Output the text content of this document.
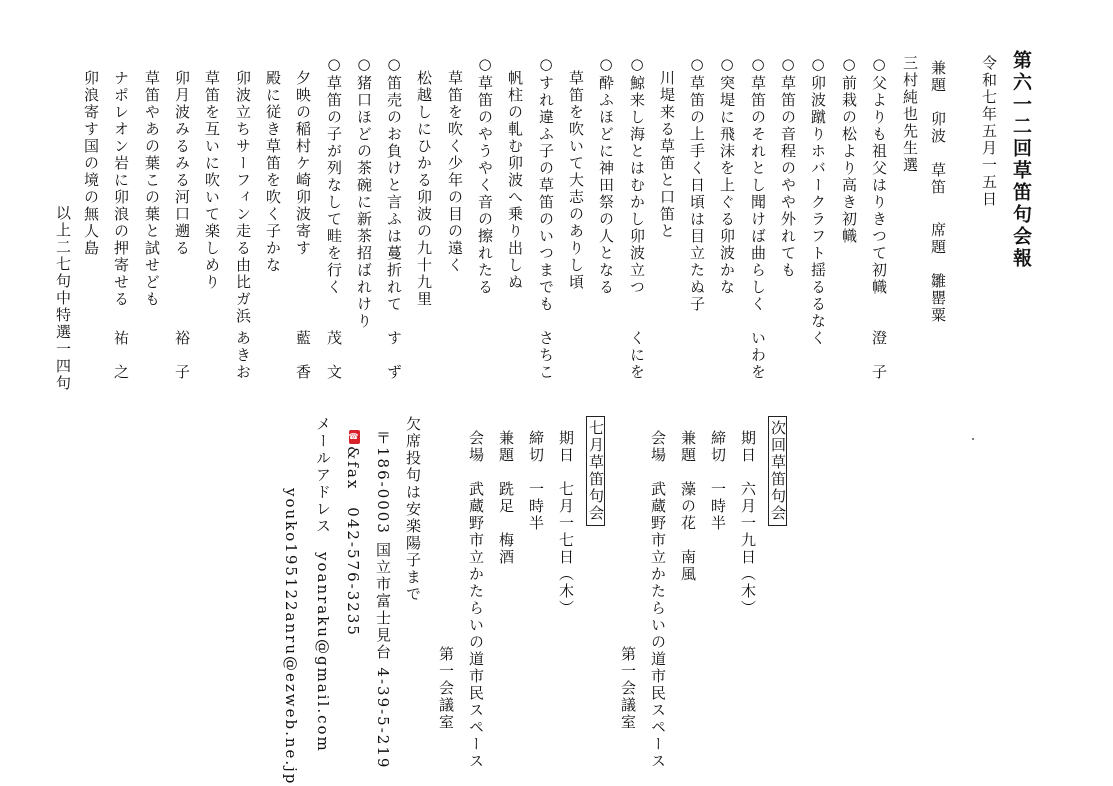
第六一二回草笛句会報
令和七年五月一五日
兼題　卯波　草笛
席題　雛罌粟
三村純也先生選
○父よりも祖父はりきつて初幟
澄　子
○前栽の松より高き初幟
○卯波蹴りホバークラフト揺るるなく
○草笛の音程のやや外れても
○草笛のそれとし聞けば曲らしく
いわを
○突堤に飛沫を上ぐる卯波かな
○草笛の上手く日頃は目立たぬ子
川堤来る草笛と口笛と
○鯨来し海とはむかし卯波立つ
くにを
○酔ふほどに神田祭の人となる
草笛を吹いて大志のありし頃
○すれ違ふ子の草笛のいつまでも
さちこ
帆柱の軋む卯波へ乗り出しぬ
○草笛のやうやく音の擦れたる
草笛を吹く少年の目の遠く
松越しにひかる卯波の九十九里
○笛売のお負けと言ふは蔓折れて
す　ず
○猪口ほどの茶碗に新茶招ばれけり
○草笛の子が列なして畦を行く
茂　文
夕映の稲村ケ崎卯波寄す
藍　香
殿に従き草笛を吹く子かな
卯波立ちサーフィン走る由比ガ浜
あきお
草笛を互いに吹いて楽しめり
卯月波みるみる河口遡る
裕　子
草笛やあの葉この葉と試せども
ナポレオン岩に卯浪の押寄せる
祐　之
卯浪寄す国の境の無人島
以上二七句中特選一四句
次回草笛句会
期日　六月一九日（木）
締切　一時半
兼題　藻の花　南風
会場　武蔵野市立かたらいの道市民スペース
第一会議室
七月草笛句会
期日　七月一七日（木）
締切　一時半
兼題　跣足　梅酒
会場　武蔵野市立かたらいの道市民スペース
第一会議室
欠席投句は安楽陽子まで
〒186-0003 国立市富士見台 4-39-5-219
☎&fax　042-576-3235
メールアドレス　yoanraku@gmail.com
youko195122anru@ezweb.ne.jp
